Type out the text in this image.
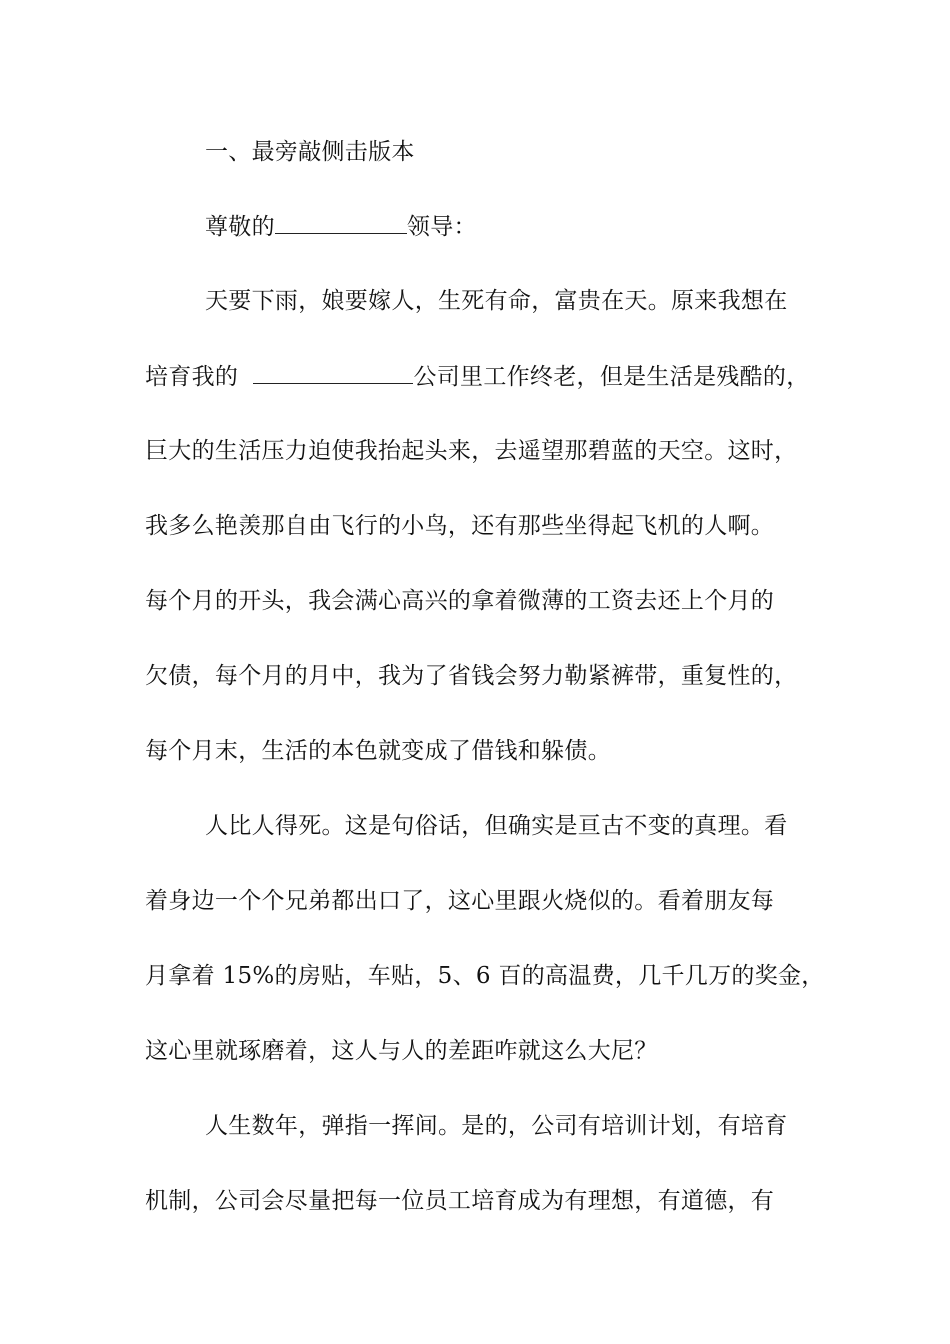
一、最旁敲侧击版本
尊敬的	领导：
天要下雨，娘要嫁人，生死有命，富贵在天。原来我想在
培育我的	公司里工作终老，但是生活是残酷的，
巨大的生活压力迫使我抬起头来，去遥望那碧蓝的天空。这时，
我多么艳羡那自由飞行的小鸟，还有那些坐得起飞机的人啊。
每个月的开头，我会满心高兴的拿着微薄的工资去还上个月的
欠债，每个月的月中，我为了省钱会努力勒紧裤带，重复性的，
每个月末，生活的本色就变成了借钱和躲债。
人比人得死。这是句俗话，但确实是亘古不变的真理。看
着身边一个个兄弟都出口了，这心里跟火烧似的。看着朋友每
月拿着 15%的房贴，车贴，5、6 百的高温费，几千几万的奖金，
这心里就琢磨着，这人与人的差距咋就这么大尼？
人生数年，弹指一挥间。是的，公司有培训计划，有培育
机制，公司会尽量把每一位员工培育成为有理想，有道德，有
